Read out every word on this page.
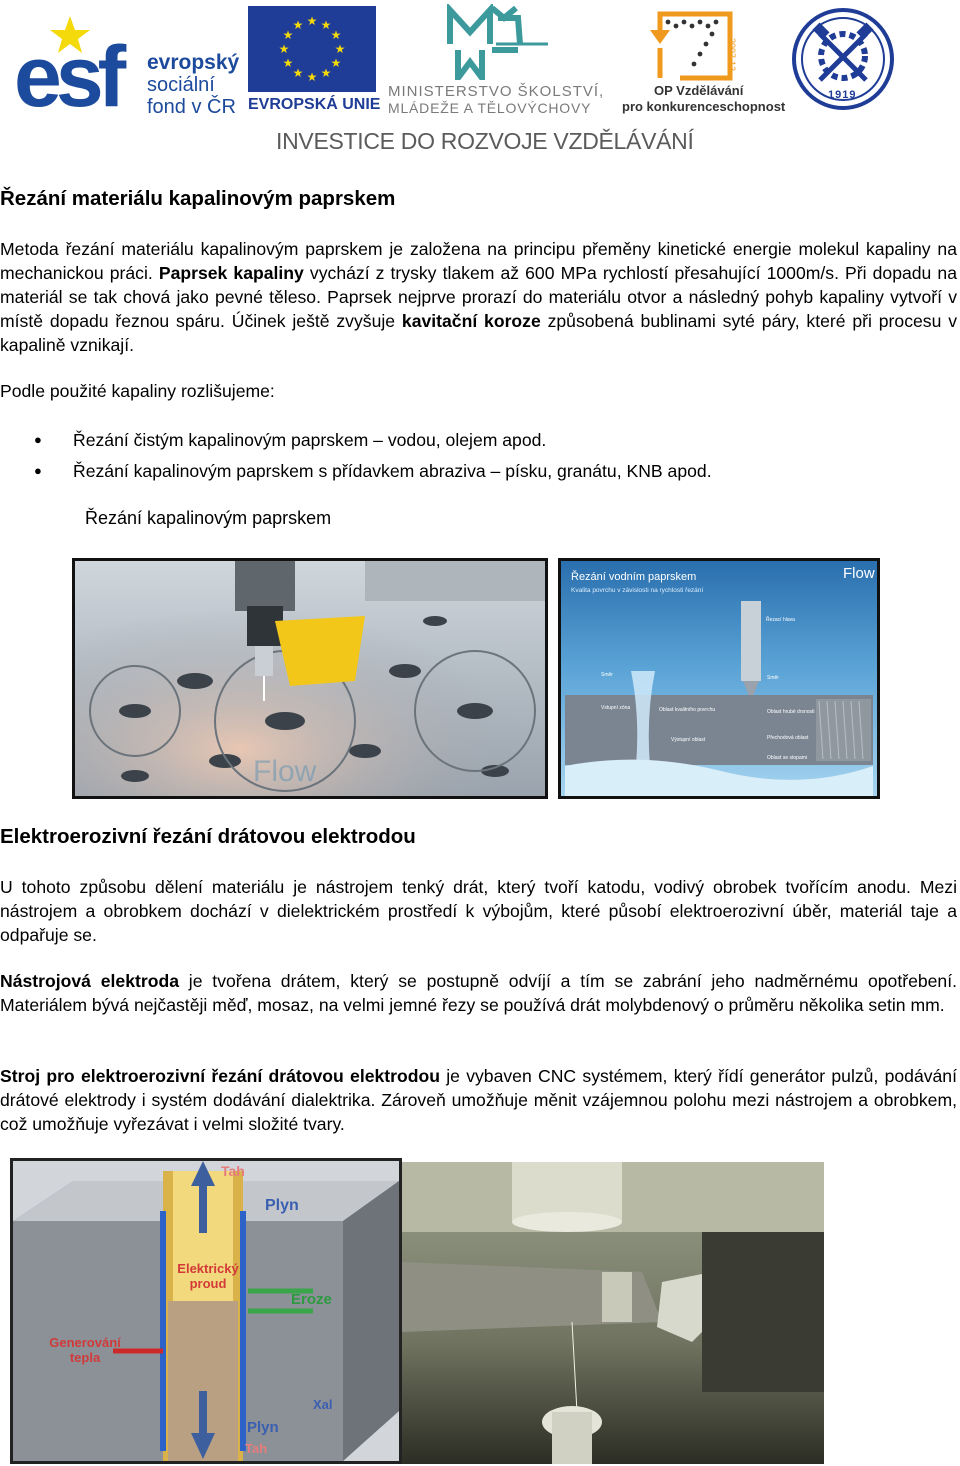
esf	evropský
sociální
fond v ČR
★ ★
★
★
★
★
★
★
★
★
★
★
EVROPSKÁ UNIE
MINISTERSTVO ŠKOLSTVÍ,
MLÁDEŽE A TĚLOVÝCHOVY
2007-13
OP Vzdělávání
pro konkurenceschopnost
1919
INVESTICE DO ROZVOJE VZDĚLÁVÁNÍ
Řezání materiálu kapalinovým paprskem

Metoda řezání materiálu kapalinovým paprskem je založena na principu přeměny kinetické energie molekul kapaliny na mechanickou práci. Paprsek kapaliny vychází z trysky tlakem až 600 MPa rychlostí přesahující 1000m/s. Při dopadu na materiál se tak chová jako pevné těleso. Paprsek nejprve prorazí do materiálu otvor a následný pohyb kapaliny vytvoří v místě dopadu řeznou spáru. Účinek ještě zvyšuje kavitační koroze způsobená bublinami syté páry, které při procesu v kapalině vznikají.

Podle použité kapaliny rozlišujeme:

● Řezání čistým kapalinovým paprskem – vodou, olejem apod.
● Řezání kapalinovým paprskem s přídavkem abraziva – písku, granátu, KNB apod.
Řezání kapalinovým paprskem
Flow
Řezání vodním paprskem
Kvalita povrchu v závislosti na rychlosti řezání
Flow
Řezací hlava
Směr	Směr
Vstupní zóna	Oblast kvalitního povrchu	Oblast hrubé drsnosti
Výstupní oblast	Přechodová oblast
Oblast se stopami
Elektroerozivní řezání drátovou elektrodou

U tohoto způsobu dělení materiálu je nástrojem tenký drát, který tvoří katodu, vodivý obrobek tvořícím anodu. Mezi nástrojem a obrobkem dochází v dielektrickém prostředí k výbojům, které působí elektroerozivní úběr, materiál taje a odpařuje se.

Nástrojová elektroda je tvořena drátem, který se postupně odvíjí a tím se zabrání jeho nadměrnému opotřebení. Materiálem bývá nejčastěji měď, mosaz, na velmi jemné řezy se používá drát molybdenový o průměru několika setin mm.

Stroj pro elektroerozivní řezání drátovou elektrodou je vybaven CNC systémem, který řídí generátor pulzů, podávání drátové elektrody i systém dodávání dialektrika. Zároveň umožňuje měnit vzájemnou polohu mezi nástrojem a obrobkem, což umožňuje vyřezávat i velmi složité tvary.

Tah
Plyn
Elektrický proud
Eroze
Generování tepla
Plyn
Tah
Xal
